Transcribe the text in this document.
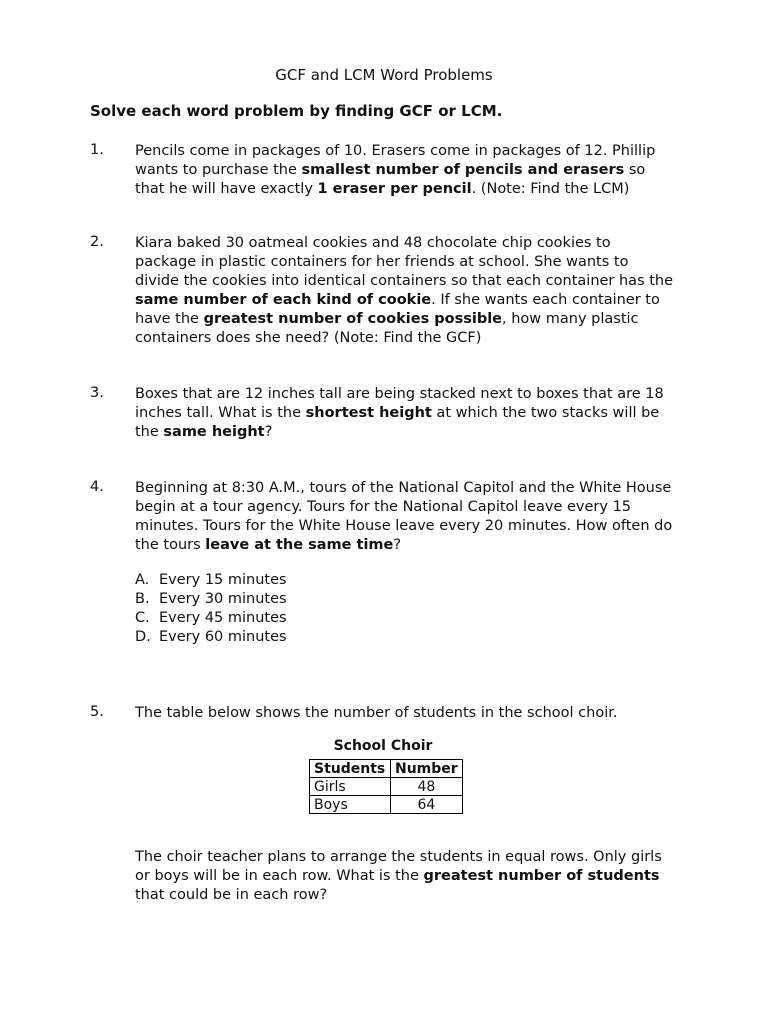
GCF and LCM Word Problems
Solve each word problem by finding GCF or LCM.
1. Pencils come in packages of 10. Erasers come in packages of 12. Phillip wants to purchase the smallest number of pencils and erasers so that he will have exactly 1 eraser per pencil. (Note: Find the LCM)
2. Kiara baked 30 oatmeal cookies and 48 chocolate chip cookies to package in plastic containers for her friends at school. She wants to divide the cookies into identical containers so that each container has the same number of each kind of cookie. If she wants each container to have the greatest number of cookies possible, how many plastic containers does she need? (Note: Find the GCF)
3. Boxes that are 12 inches tall are being stacked next to boxes that are 18 inches tall. What is the shortest height at which the two stacks will be the same height?
4. Beginning at 8:30 A.M., tours of the National Capitol and the White House begin at a tour agency. Tours for the National Capitol leave every 15 minutes. Tours for the White House leave every 20 minutes. How often do the tours leave at the same time?
A. Every 15 minutes
B. Every 30 minutes
C. Every 45 minutes
D. Every 60 minutes
5. The table below shows the number of students in the school choir.
School Choir
Students	Number
Girls	48
Boys	64
The choir teacher plans to arrange the students in equal rows. Only girls or boys will be in each row. What is the greatest number of students that could be in each row?
